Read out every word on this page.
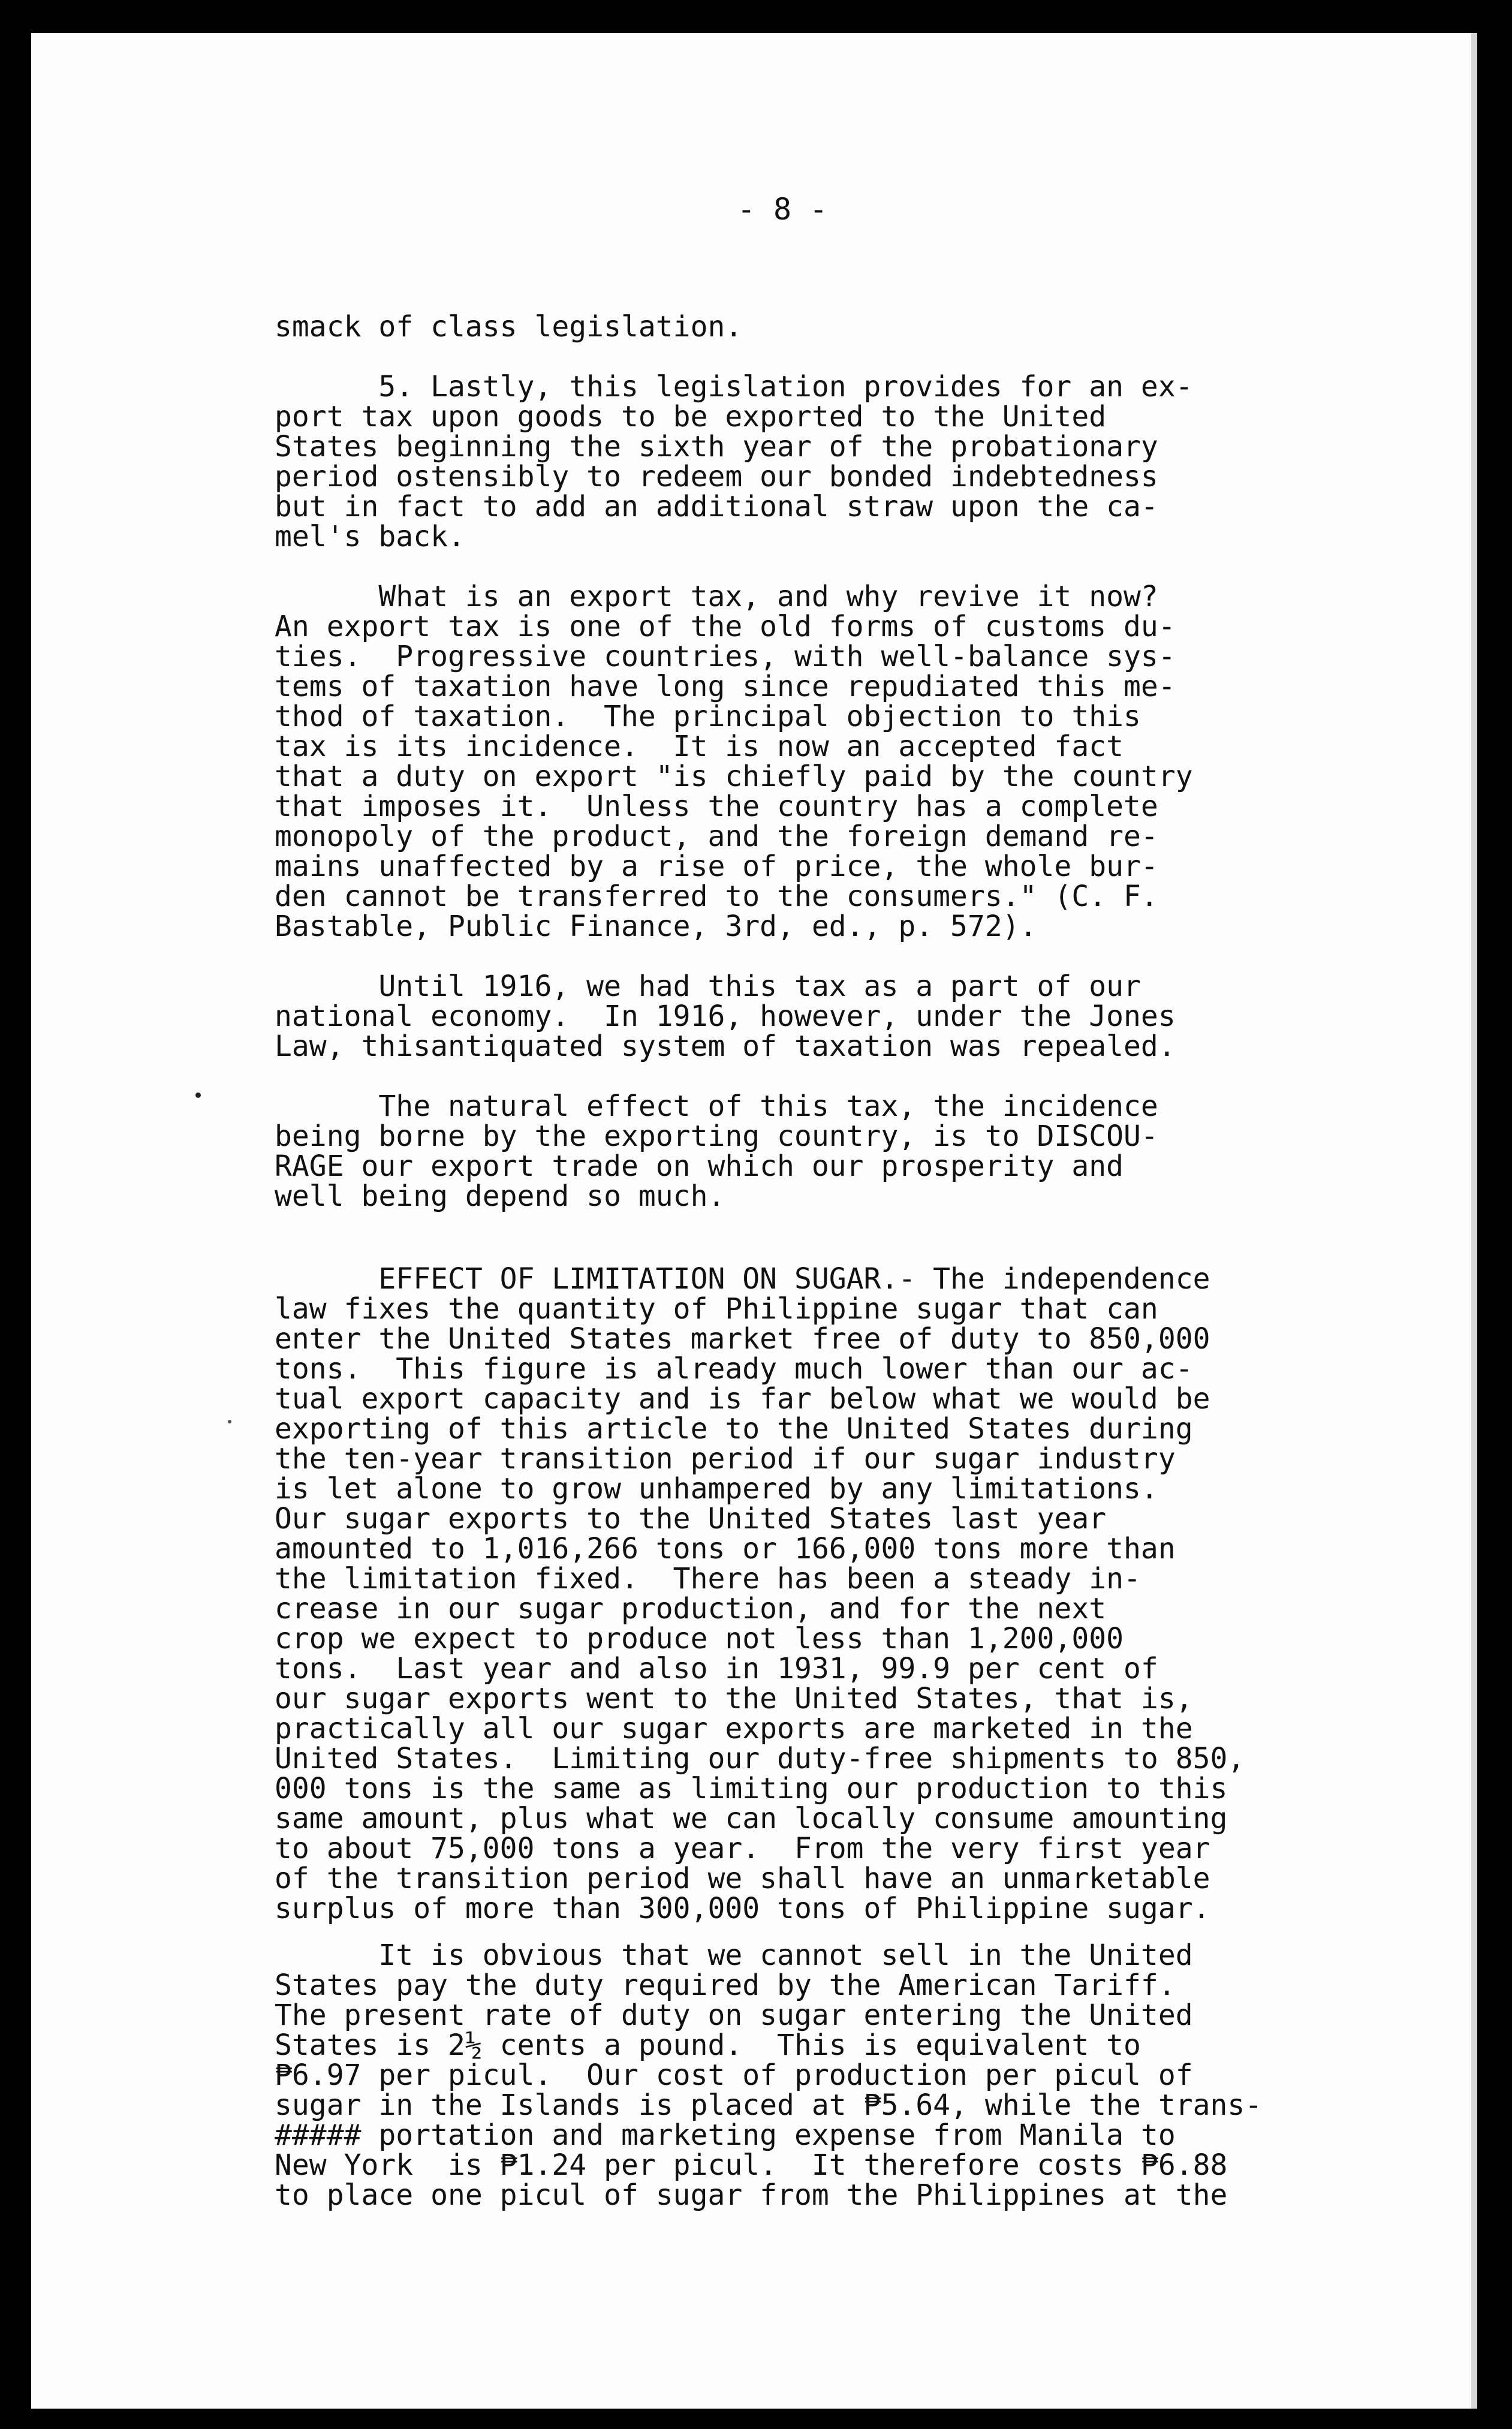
- 8 -
smack of class legislation.
5. Lastly, this legislation provides for an ex-
port tax upon goods to be exported to the United
States beginning the sixth year of the probationary
period ostensibly to redeem our bonded indebtedness
but in fact to add an additional straw upon the ca-
mel's back.
What is an export tax, and why revive it now?
An export tax is one of the old forms of customs du-
ties.  Progressive countries, with well-balance sys-
tems of taxation have long since repudiated this me-
thod of taxation.  The principal objection to this
tax is its incidence.  It is now an accepted fact
that a duty on export "is chiefly paid by the country
that imposes it.  Unless the country has a complete
monopoly of the product, and the foreign demand re-
mains unaffected by a rise of price, the whole bur-
den cannot be transferred to the consumers." (C. F.
Bastable, Public Finance, 3rd, ed., p. 572).
Until 1916, we had this tax as a part of our
national economy.  In 1916, however, under the Jones
Law, thisantiquated system of taxation was repealed.
The natural effect of this tax, the incidence
being borne by the exporting country, is to DISCOU-
RAGE our export trade on which our prosperity and
well being depend so much.
EFFECT OF LIMITATION ON SUGAR.- The independence
law fixes the quantity of Philippine sugar that can
enter the United States market free of duty to 850,000
tons.  This figure is already much lower than our ac-
tual export capacity and is far below what we would be
exporting of this article to the United States during
the ten-year transition period if our sugar industry
is let alone to grow unhampered by any limitations.
Our sugar exports to the United States last year
amounted to 1,016,266 tons or 166,000 tons more than
the limitation fixed.  There has been a steady in-
crease in our sugar production, and for the next
crop we expect to produce not less than 1,200,000
tons.  Last year and also in 1931, 99.9 per cent of
our sugar exports went to the United States, that is,
practically all our sugar exports are marketed in the
United States.  Limiting our duty-free shipments to 850,
000 tons is the same as limiting our production to this
same amount, plus what we can locally consume amounting
to about 75,000 tons a year.  From the very first year
of the transition period we shall have an unmarketable
surplus of more than 300,000 tons of Philippine sugar.
It is obvious that we cannot sell in the United
States pay the duty required by the American Tariff.
The present rate of duty on sugar entering the United
States is 2½ cents a pound.  This is equivalent to
₱6.97 per picul.  Our cost of production per picul of
sugar in the Islands is placed at ₱5.64, while the trans-
##### portation and marketing expense from Manila to
New York  is ₱1.24 per picul.  It therefore costs ₱6.88
to place one picul of sugar from the Philippines at the
